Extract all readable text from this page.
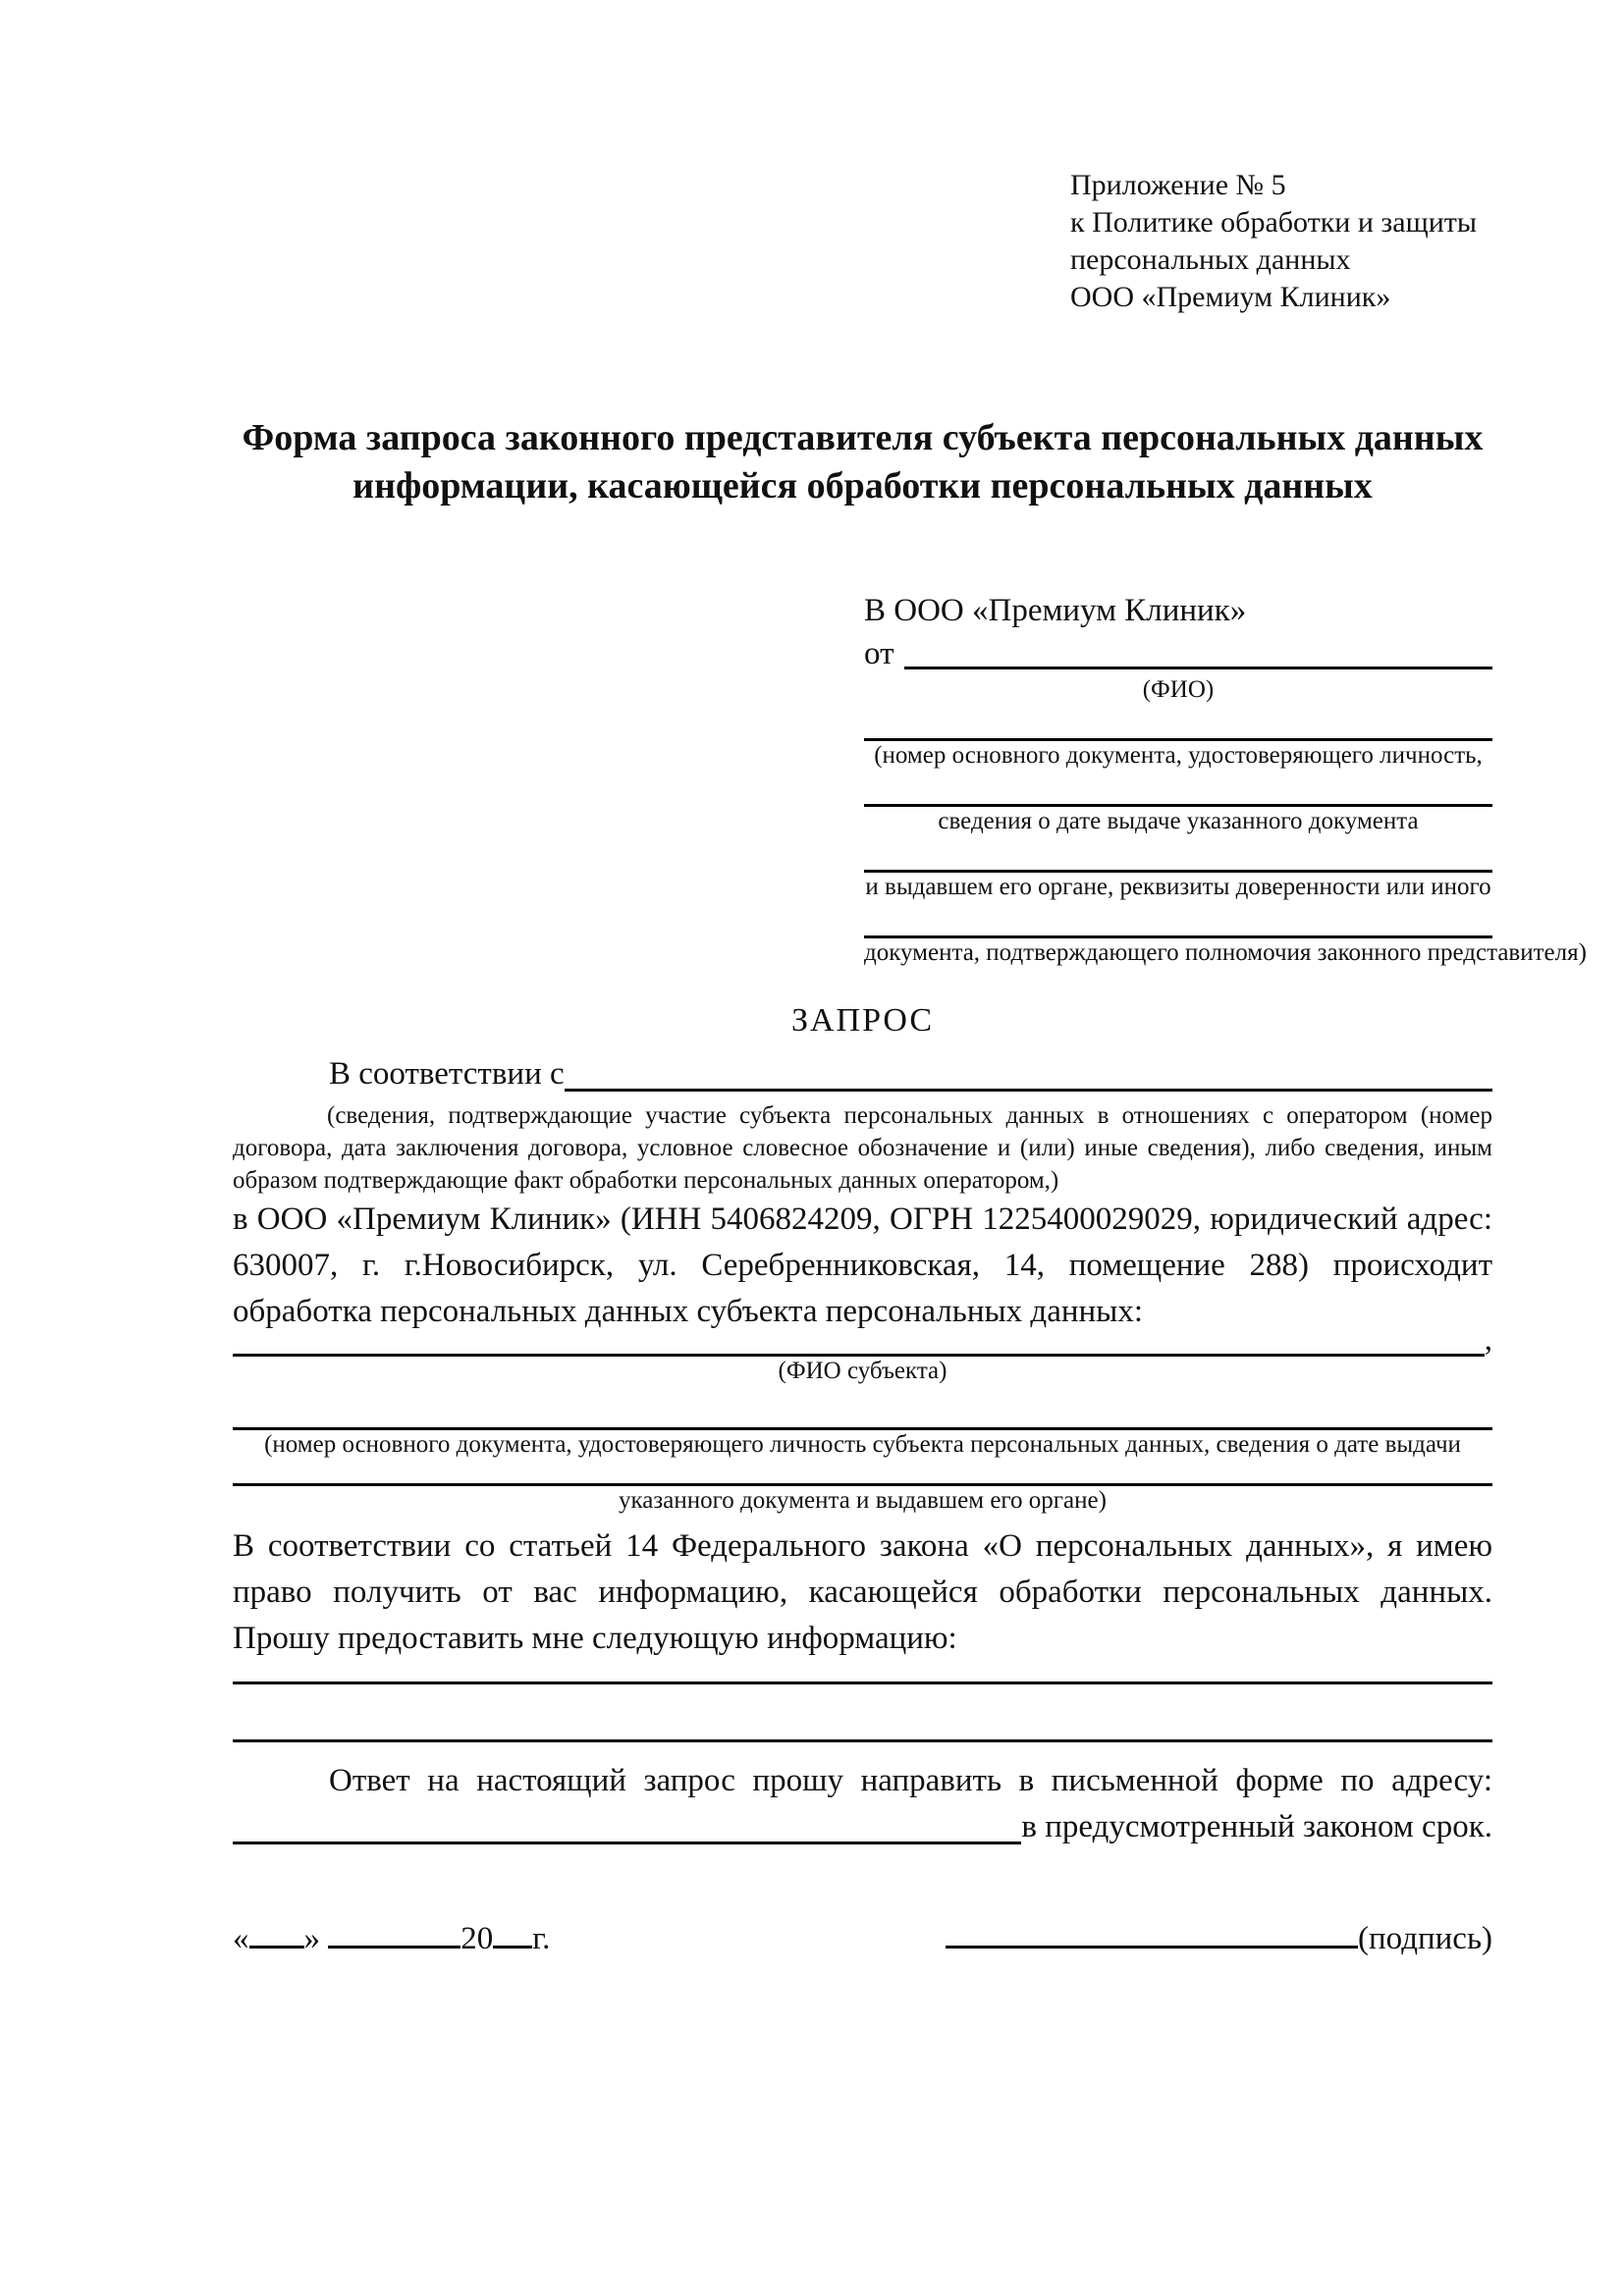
Приложение № 5
к Политике обработки и защиты
персональных данных
ООО «Премиум Клиник»
Форма запроса законного представителя субъекта персональных данных информации, касающейся обработки персональных данных
В ООО «Премиум Клиник»
от
(ФИО)
(номер основного документа, удостоверяющего личность,
сведения о дате выдаче указанного документа
и выдавшем его органе, реквизиты доверенности или иного
документа, подтверждающего полномочия законного представителя)
ЗАПРОС
В соответствии с
(сведения, подтверждающие участие субъекта персональных данных в отношениях с оператором (номер договора, дата заключения договора, условное словесное обозначение и (или) иные сведения), либо сведения, иным образом подтверждающие факт обработки персональных данных оператором,)

в ООО «Премиум Клиник» (ИНН 5406824209, ОГРН 1225400029029, юридический адрес: 630007, г. г.Новосибирск, ул. Серебренниковская, 14, помещение 288) происходит обработка персональных данных субъекта персональных данных:

,
(ФИО субъекта)
(номер основного документа, удостоверяющего личность субъекта персональных данных, сведения о дате выдачи
указанного документа и выдавшем его органе)

В соответствии со статьей 14 Федерального закона «О персональных данных», я имею право получить от вас информацию, касающейся обработки персональных данных. Прошу предоставить мне следующую информацию:

Ответ на настоящий запрос прошу направить в письменной форме по адресу:

в предусмотренный законом срок.
« »	20 г.	(подпись)
